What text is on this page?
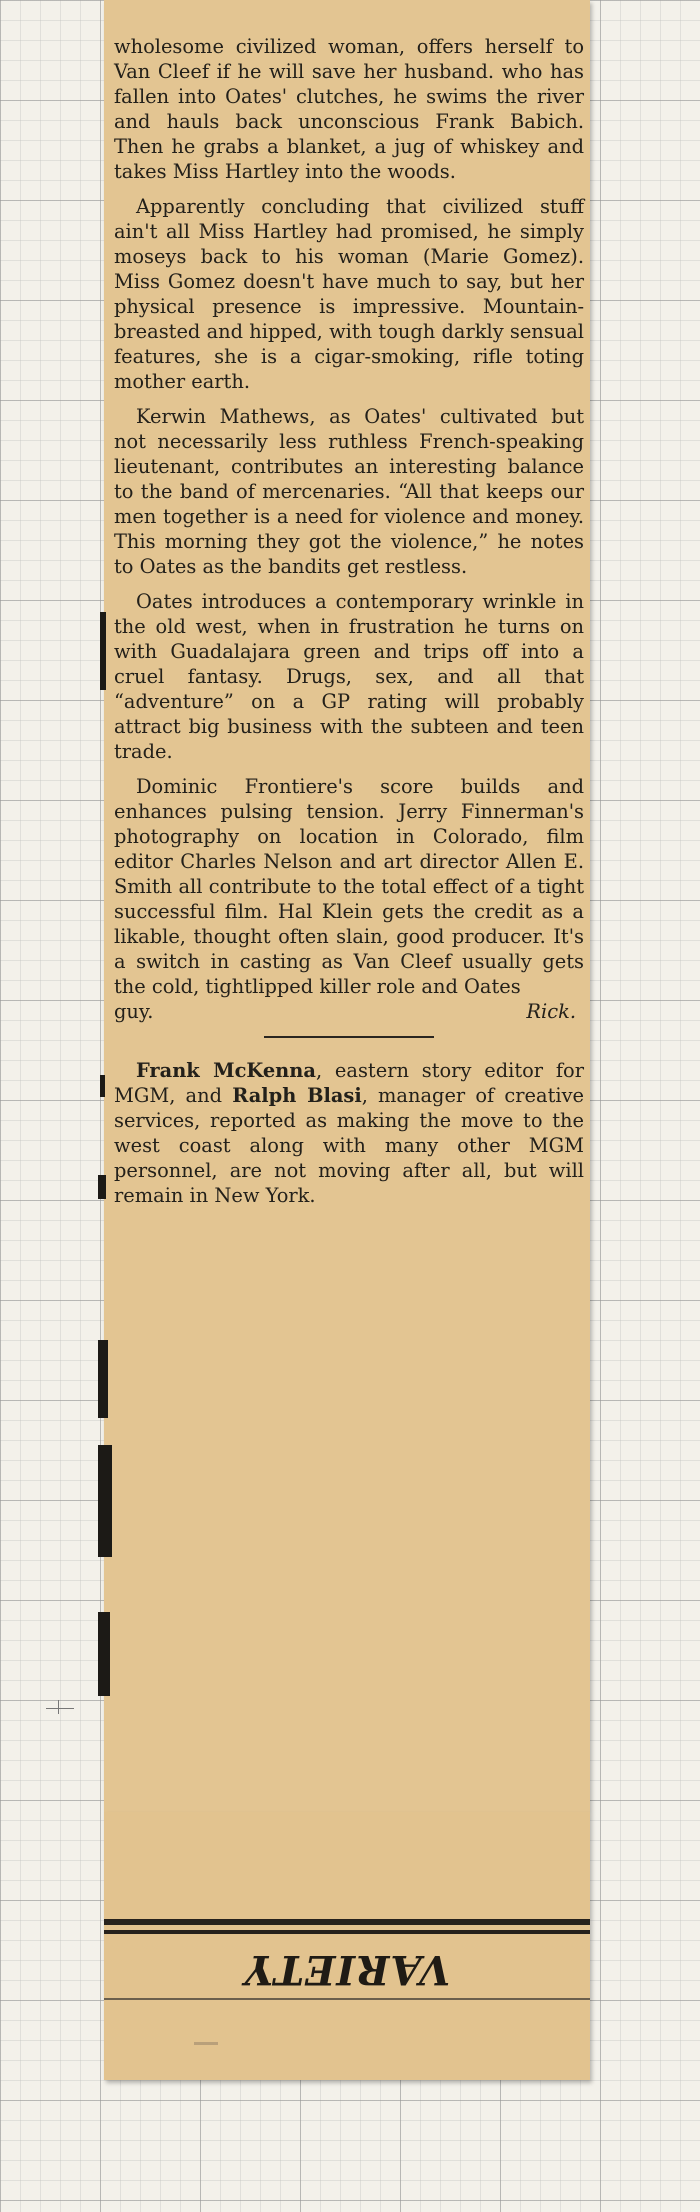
wholesome civilized woman, offers herself to Van Cleef if he will save her husband. who has fallen into Oates' clutches, he swims the river and hauls back unconscious Frank Babich. Then he grabs a blanket, a jug of whiskey and takes Miss Hartley into the woods.

Apparently concluding that civilized stuff ain't all Miss Hartley had promised, he simply moseys back to his woman (Marie Gomez). Miss Gomez doesn't have much to say, but her physical presence is impressive. Mountain-breasted and hipped, with tough darkly sensual features, she is a cigar-smoking, rifle toting mother earth.

Kerwin Mathews, as Oates' cultivated but not necessarily less ruthless French-speaking lieutenant, contributes an interesting balance to the band of mercenaries. “All that keeps our men together is a need for violence and money. This morning they got the violence,” he notes to Oates as the bandits get restless.

Oates introduces a contemporary wrinkle in the old west, when in frustration he turns on with Guadalajara green and trips off into a cruel fantasy. Drugs, sex, and all that “adventure” on a GP rating will probably attract big business with the subteen and teen trade.

Dominic Frontiere's score builds and enhances pulsing tension. Jerry Finnerman's photography on location in Colorado, film editor Charles Nelson and art director Allen E. Smith all contribute to the total effect of a tight successful film. Hal Klein gets the credit as a likable, thought often slain, good producer. It's a switch in casting as Van Cleef usually gets the cold, tightlipped killer role and Oates

guy.	Rick.

Frank McKenna, eastern story editor for MGM, and Ralph Blasi, manager of creative services, reported as making the move to the west coast along with many other MGM personnel, are not moving after all, but will remain in New York.

VARIETY
